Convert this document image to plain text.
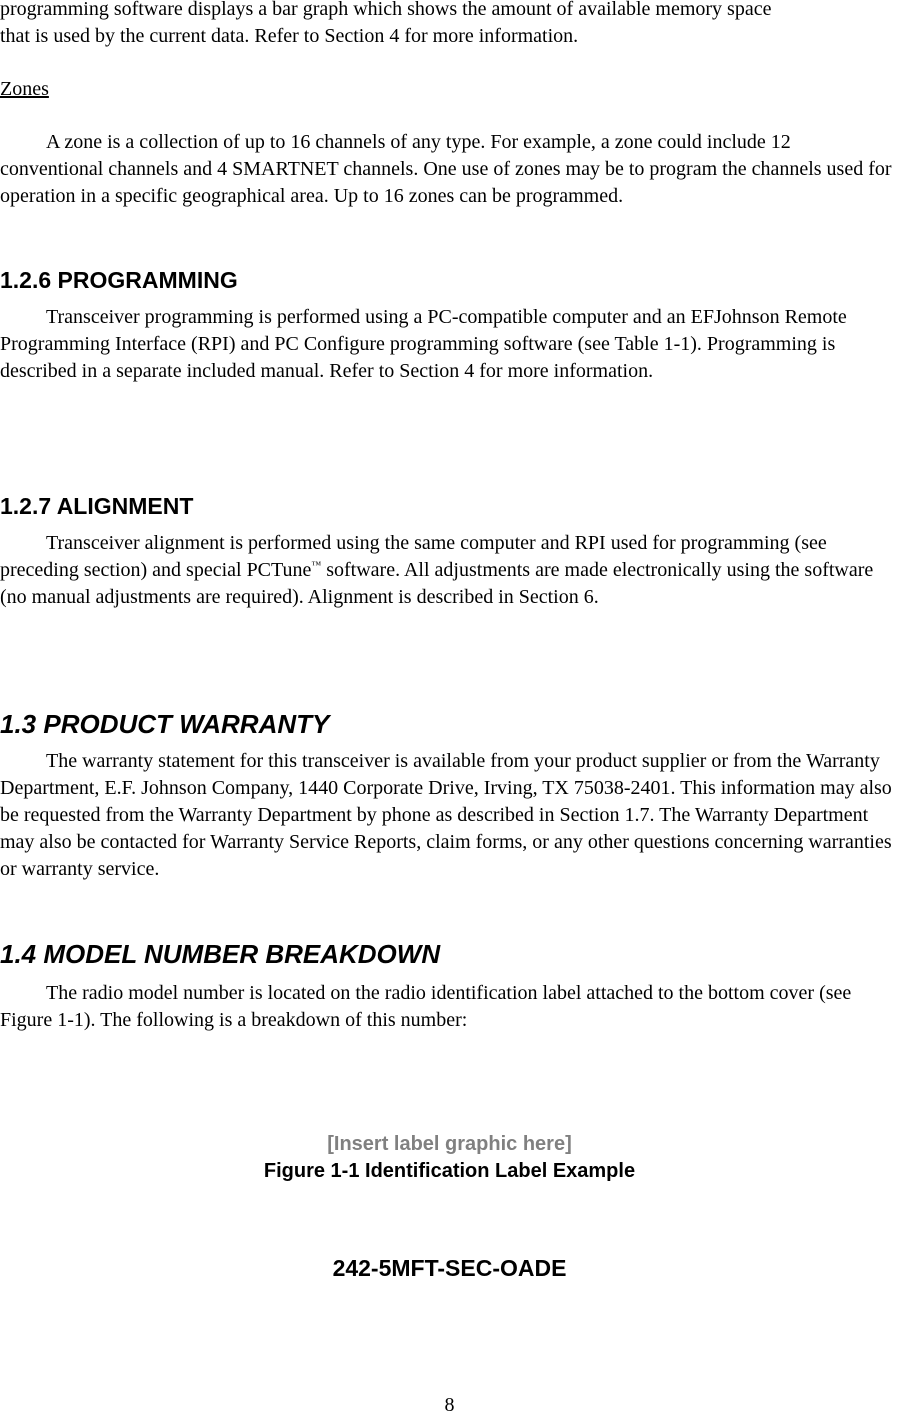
programming software displays a bar graph which shows the amount of available memory space

that is used by the current data. Refer to Section 4 for more information.

Zones

A zone is a collection of up to 16 channels of any type. For example, a zone could include 12 conventional channels and 4 SMARTNET channels. One use of zones may be to program the channels used for operation in a specific geographical area. Up to 16 zones can be programmed.

1.2.6 PROGRAMMING

Transceiver programming is performed using a PC-compatible computer and an EFJohnson Remote Programming Interface (RPI) and PC Configure programming software (see Table 1-1). Programming is described in a separate included manual. Refer to Section 4 for more information.

1.2.7 ALIGNMENT

Transceiver alignment is performed using the same computer and RPI used for programming (see preceding section) and special PCTune™ software. All adjustments are made electronically using the software (no manual adjustments are required). Alignment is described in Section 6.

1.3 PRODUCT WARRANTY

The warranty statement for this transceiver is available from your product supplier or from the Warranty Department, E.F. Johnson Company, 1440 Corporate Drive, Irving, TX 75038-2401. This information may also be requested from the Warranty Department by phone as described in Section 1.7. The Warranty Department may also be contacted for Warranty Service Reports, claim forms, or any other questions concerning warranties or warranty service.

1.4 MODEL NUMBER BREAKDOWN

The radio model number is located on the radio identification label attached to the bottom cover (see Figure 1-1). The following is a breakdown of this number:

[Insert label graphic here]

Figure 1-1 Identification Label Example

242-5MFT-SEC-OADE

8
